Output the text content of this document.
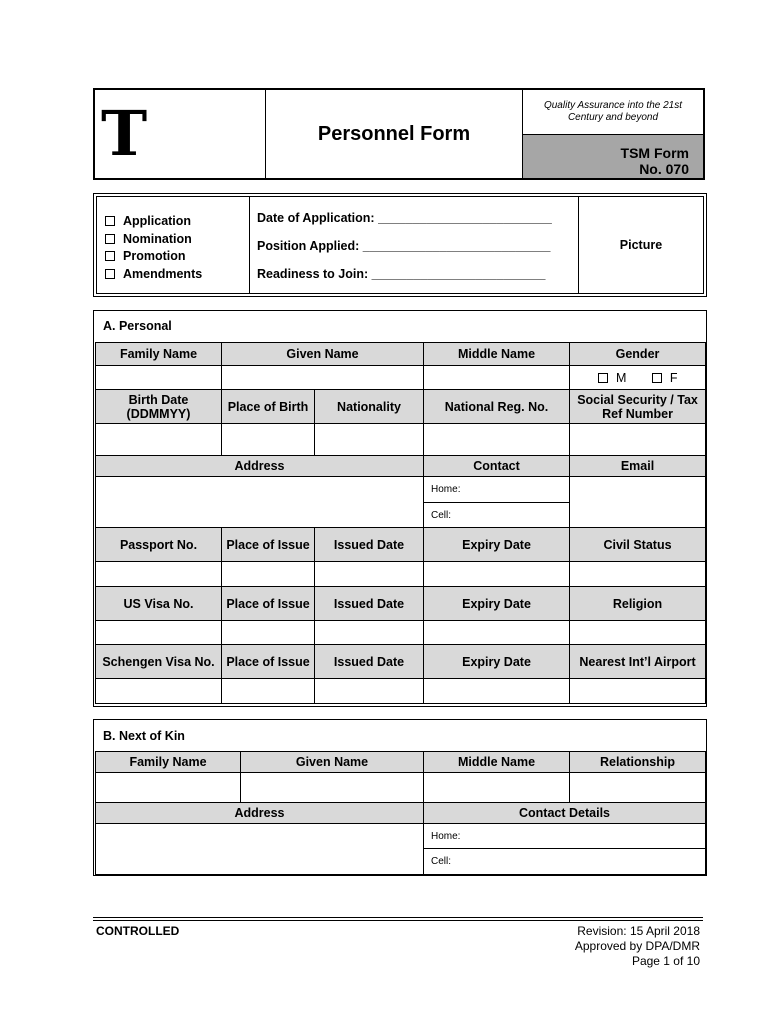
T	Personnel Form
Quality Assurance into the 21st
Century and beyond
TSM Form
No. 070
Application
Nomination
Promotion
Amendments
Date of Application: _________________________
Position Applied: ___________________________
Readiness to Join: _________________________
Picture
A. Personal
Family Name	Given Name		Middle Name	Gender
				M F
Birth Date (DDMMYY)	Place of Birth	Nationality	National Reg. No.	Social Security / Tax Ref Number

Address			Contact	Email
			Home:	
			Cell:	
Passport No.	Place of Issue	Issued Date	Expiry Date	Civil Status

US Visa No.	Place of Issue	Issued Date	Expiry Date	Religion

Schengen Visa No.	Place of Issue	Issued Date	Expiry Date	Nearest Int’l Airport

B. Next of Kin
Family Name	Given Name	Middle Name	Relationship

Address		Contact Details	
		Home:	
		Cell:	
CONTROLLED	Revision: 15 April 2018
Approved by DPA/DMR
Page 1 of 10
